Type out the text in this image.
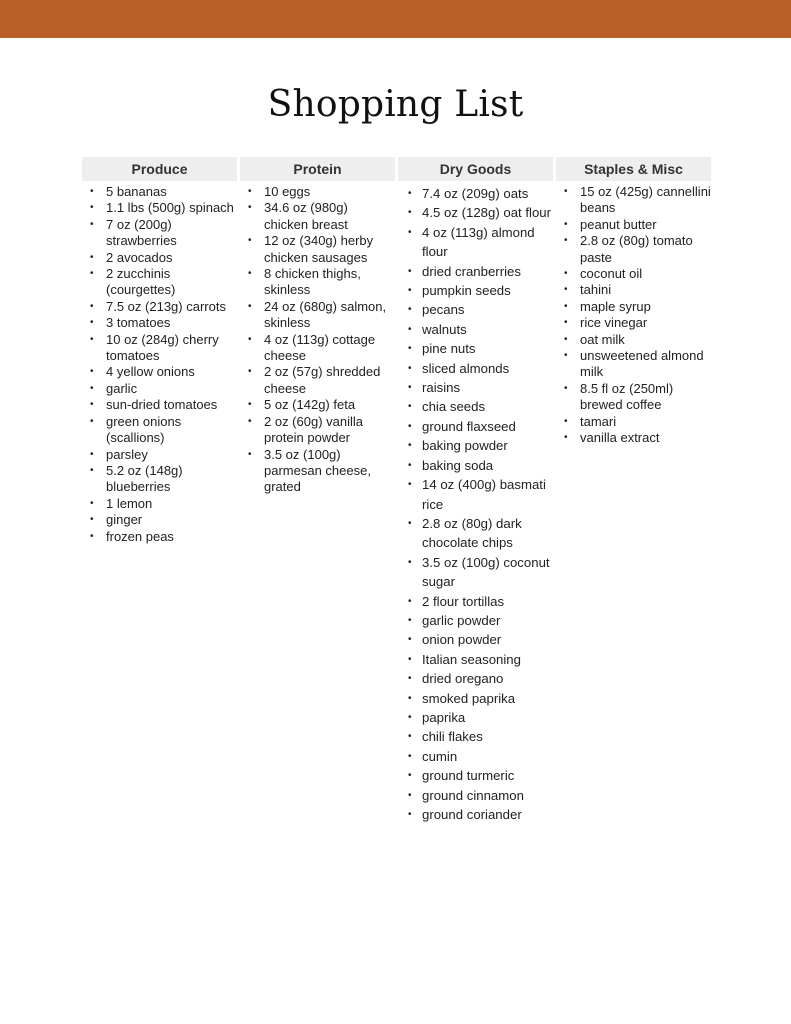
Shopping List
Produce
• 5 bananas
• 1.1 lbs (500g) spinach
• 7 oz (200g) strawberries
• 2 avocados
• 2 zucchinis (courgettes)
• 7.5 oz (213g) carrots
• 3 tomatoes
• 10 oz (284g) cherry tomatoes
• 4 yellow onions
• garlic
• sun-dried tomatoes
• green onions (scallions)
• parsley
• 5.2 oz (148g) blueberries
• 1 lemon
• ginger
• frozen peas
Protein
• 10 eggs
• 34.6 oz (980g) chicken breast
• 12 oz (340g) herby chicken sausages
• 8 chicken thighs, skinless
• 24 oz (680g) salmon, skinless
• 4 oz (113g) cottage cheese
• 2 oz (57g) shredded cheese
• 5 oz (142g) feta
• 2 oz (60g) vanilla protein powder
• 3.5 oz (100g) parmesan cheese, grated
Dry Goods
• 7.4 oz (209g) oats
• 4.5 oz (128g) oat flour
• 4 oz (113g) almond flour
• dried cranberries
• pumpkin seeds
• pecans
• walnuts
• pine nuts
• sliced almonds
• raisins
• chia seeds
• ground flaxseed
• baking powder
• baking soda
• 14 oz (400g) basmati rice
• 2.8 oz (80g) dark chocolate chips
• 3.5 oz (100g) coconut sugar
• 2 flour tortillas
• garlic powder
• onion powder
• Italian seasoning
• dried oregano
• smoked paprika
• paprika
• chili flakes
• cumin
• ground turmeric
• ground cinnamon
• ground coriander
Staples & Misc
• 15 oz (425g) cannellini beans
• peanut butter
• 2.8 oz (80g) tomato paste
• coconut oil
• tahini
• maple syrup
• rice vinegar
• oat milk
• unsweetened almond milk
• 8.5 fl oz (250ml) brewed coffee
• tamari
• vanilla extract
